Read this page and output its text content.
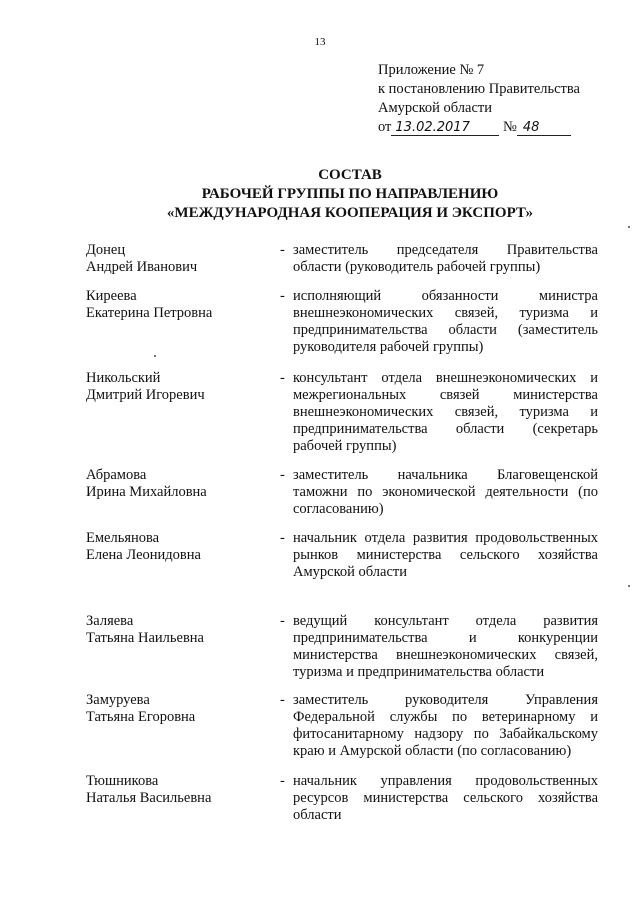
13
Приложение № 7
к постановлению Правительства
Амурской области
от 13.02.2017 № 48
СОСТАВ
РАБОЧЕЙ ГРУППЫ ПО НАПРАВЛЕНИЮ
«МЕЖДУНАРОДНАЯ КООПЕРАЦИЯ И ЭКСПОРТ»
Донец
Андрей Иванович
- заместитель председателя Правительства области (руководитель рабочей группы)
Киреева
Екатерина Петровна
- исполняющий обязанности министра внешнеэкономических связей, туризма и предпринимательства области (заместитель руководителя рабочей группы)
Никольский
Дмитрий Игоревич
- консультант отдела внешнеэкономических и межрегиональных связей министерства внешнеэкономических связей, туризма и предпринимательства области (секретарь рабочей группы)
Абрамова
Ирина Михайловна
- заместитель начальника Благовещенской таможни по экономической деятельности (по согласованию)
Емельянова
Елена Леонидовна
- начальник отдела развития продовольственных рынков министерства сельского хозяйства Амурской области
Заляева
Татьяна Наильевна
- ведущий консультант отдела развития предпринимательства и конкуренции министерства внешнеэкономических связей, туризма и предпринимательства области
Замуруева
Татьяна Егоровна
- заместитель руководителя Управления Федеральной службы по ветеринарному и фитосанитарному надзору по Забайкальскому краю и Амурской области (по согласованию)
Тюшникова
Наталья Васильевна
- начальник управления продовольственных ресурсов министерства сельского хозяйства области
